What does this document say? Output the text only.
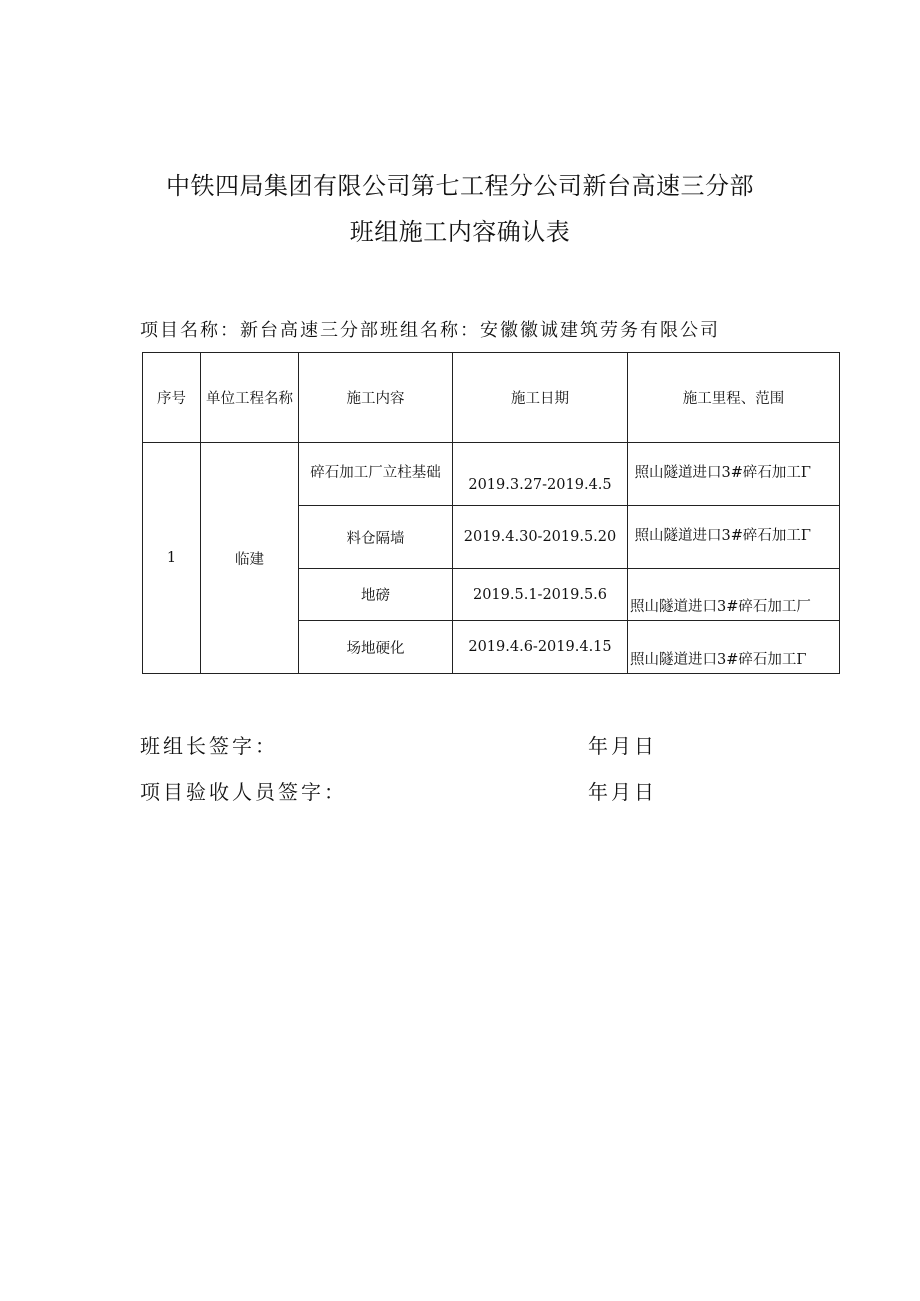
中铁四局集团有限公司第七工程分公司新台高速三分部
班组施工内容确认表
项目名称：新台高速三分部班组名称：安徽徽诚建筑劳务有限公司
序号	单位工程名称	施工内容	施工日期	施工里程、范围
1	临建	碎石加工厂立柱基础	2019.3.27-2019.4.5	照山隧道进口3#碎石加工Γ
		料仓隔墙	2019.4.30-2019.5.20	照山隧道进口3#碎石加工Γ
		地磅	2019.5.1-2019.5.6	照山隧道进口3#碎石加工厂
		场地硬化	2019.4.6-2019.4.15	照山隧道进口3#碎石加工Γ
班组长签字：	年月日
项目验收人员签字：	年月日
